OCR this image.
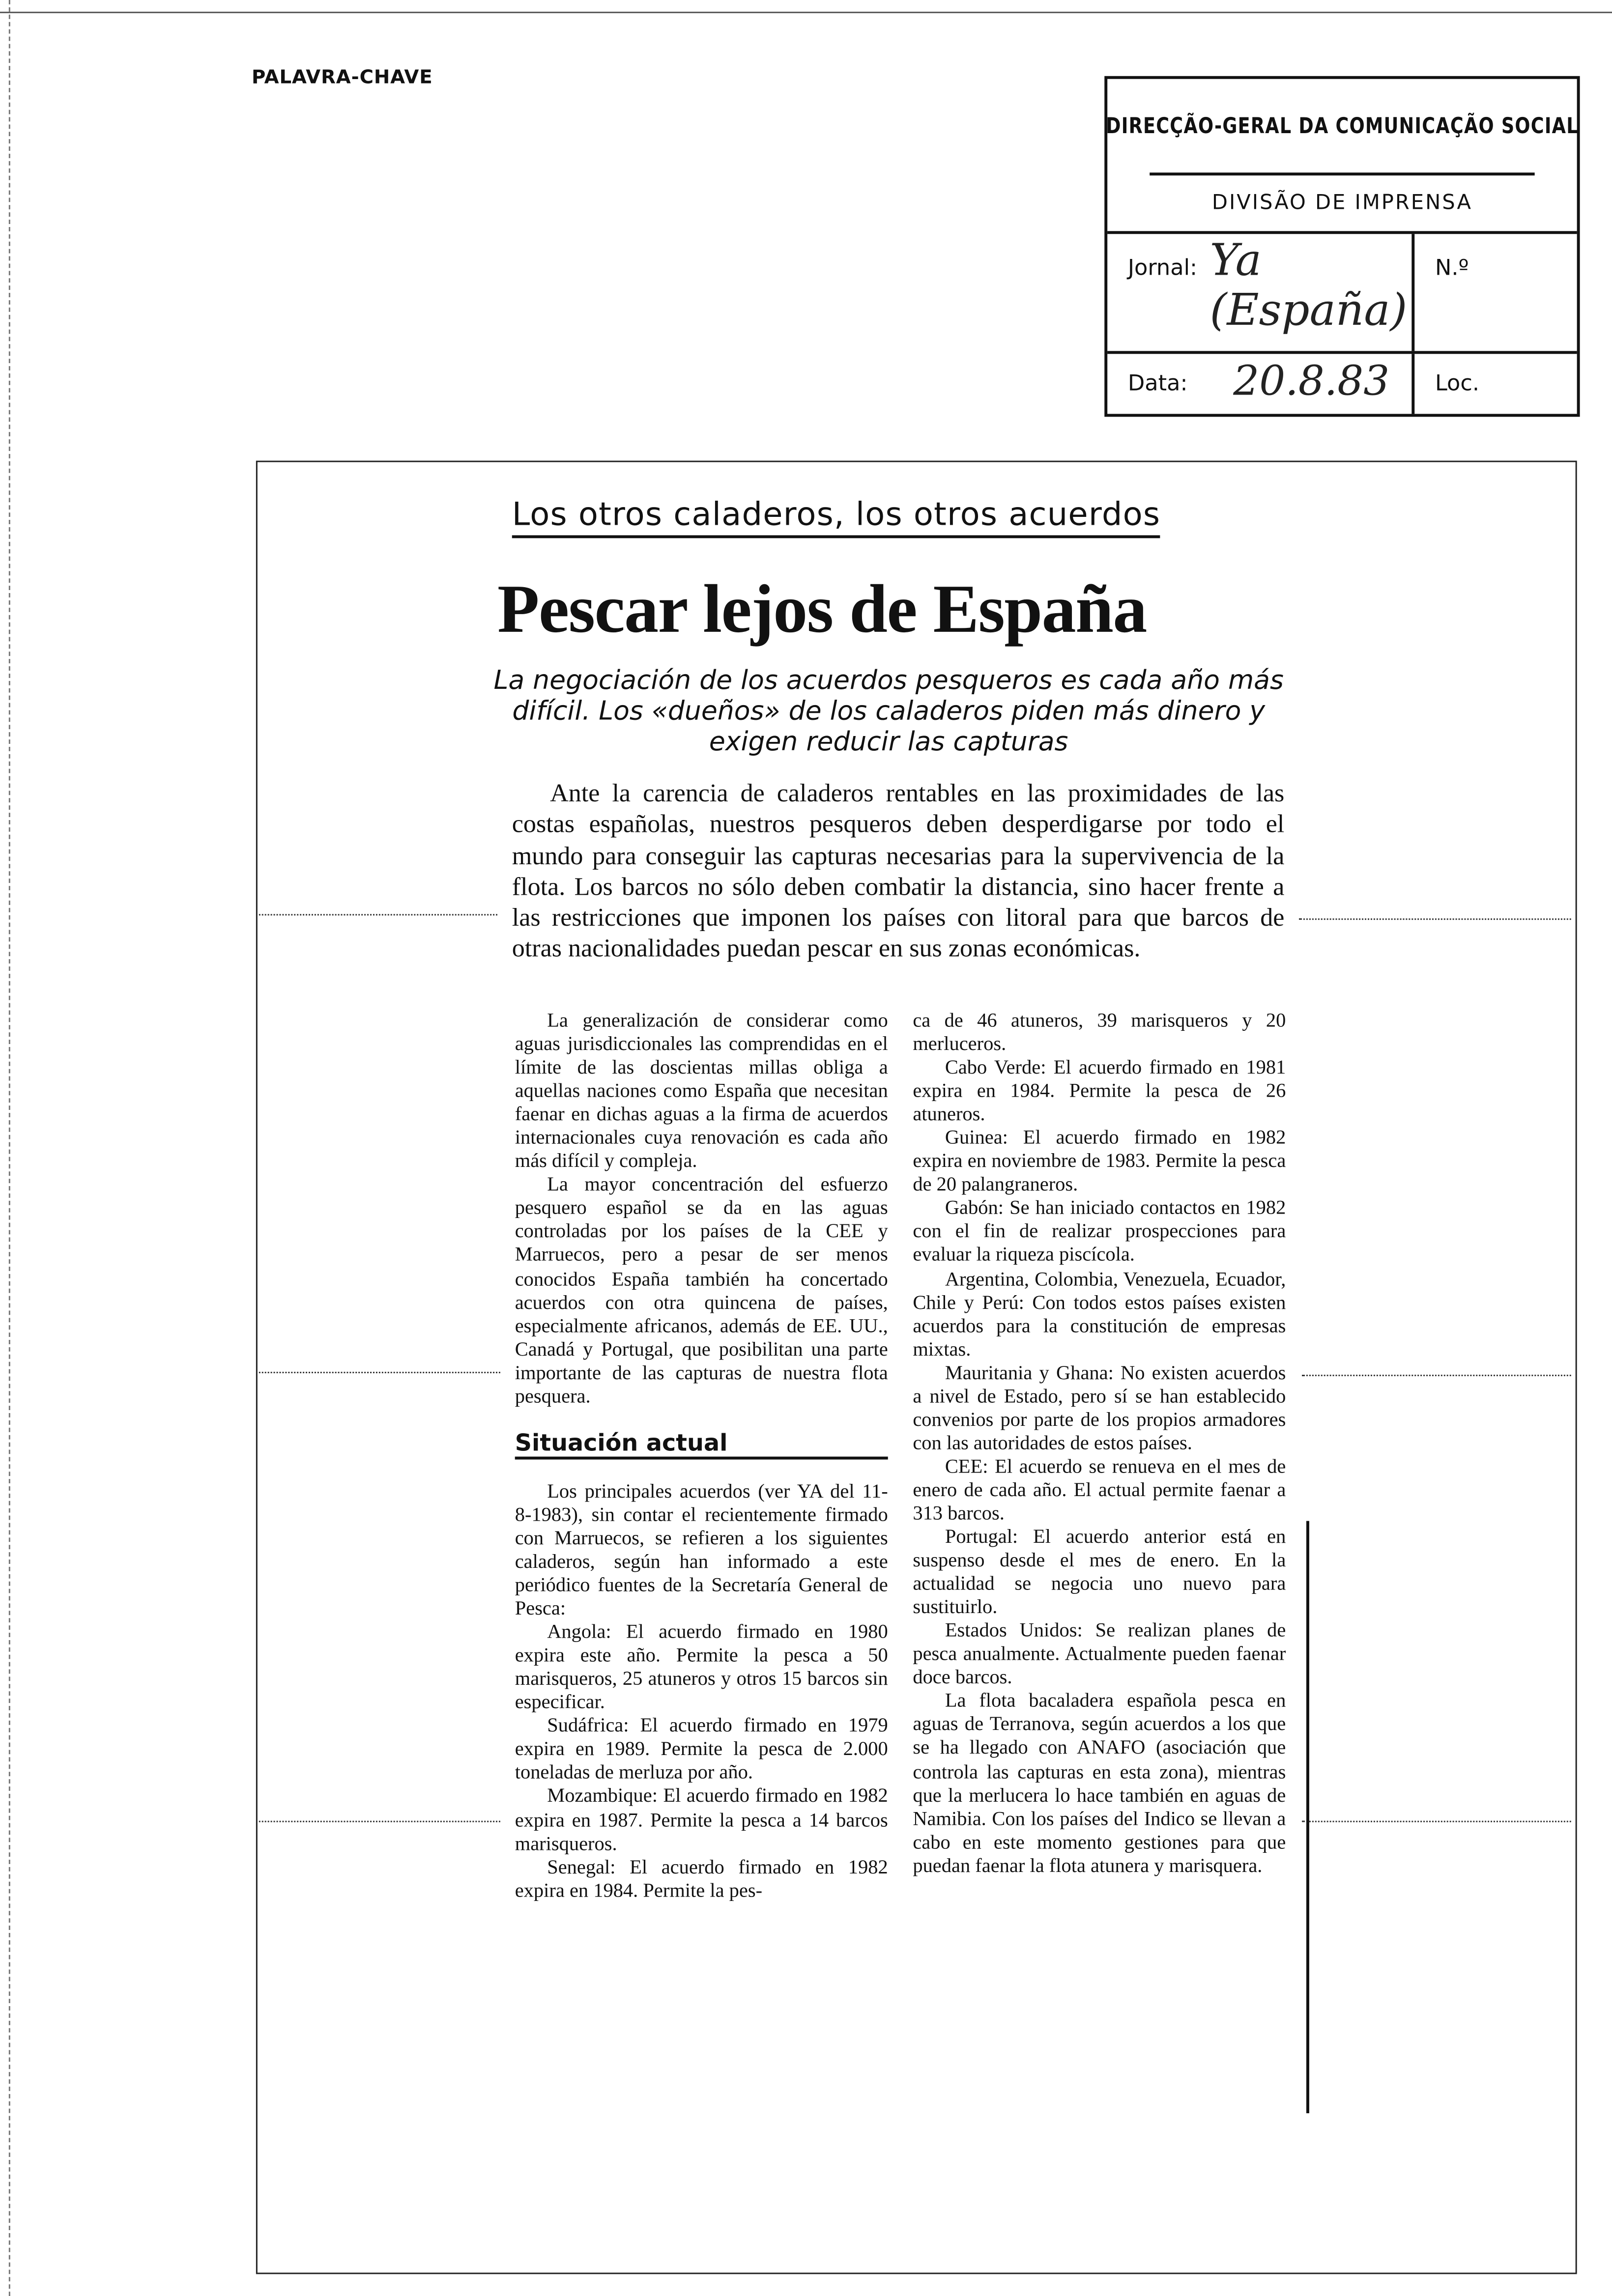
PALAVRA-CHAVE
DIRECÇÃO-GERAL DA COMUNICAÇÃO SOCIAL
DIVISÃO DE IMPRENSA
Jornal: Ya (España)
N.º
Data:	20.8.83	Loc.
Los otros caladeros, los otros acuerdos
Pescar lejos de España
La negociación de los acuerdos pesqueros es cada año más difícil. Los «dueños» de los caladeros piden más dinero y exigen reducir las capturas
Ante la carencia de caladeros rentables en las proximidades de las costas españolas, nuestros pesqueros deben desperdigarse por todo el mundo para conseguir las capturas necesarias para la supervivencia de la flota. Los barcos no sólo deben combatir la distancia, sino hacer frente a las restricciones que imponen los países con litoral para que barcos de otras nacionalidades puedan pescar en sus zonas económicas.

La generalización de considerar como aguas jurisdiccionales las comprendidas en el límite de las doscientas millas obliga a aquellas naciones como España que necesitan faenar en dichas aguas a la firma de acuerdos internacionales cuya renovación es cada año más difícil y compleja.

La mayor concentración del esfuerzo pesquero español se da en las aguas controladas por los países de la CEE y Marruecos, pero a pesar de ser menos conocidos España también ha concertado acuerdos con otra quincena de países, especialmente africanos, además de EE. UU., Canadá y Portugal, que posibilitan una parte importante de las capturas de nuestra flota pesquera.

Situación actual

Los principales acuerdos (ver YA del 11-8-1983), sin contar el recientemente firmado con Marruecos, se refieren a los siguientes caladeros, según han informado a este periódico fuentes de la Secretaría General de Pesca:

Angola: El acuerdo firmado en 1980 expira este año. Permite la pesca a 50 marisqueros, 25 atuneros y otros 15 barcos sin especificar.

Sudáfrica: El acuerdo firmado en 1979 expira en 1989. Permite la pesca de 2.000 toneladas de merluza por año.

Mozambique: El acuerdo firmado en 1982 expira en 1987. Permite la pesca a 14 barcos marisqueros.

Senegal: El acuerdo firmado en 1982 expira en 1984. Permite la pes-

ca de 46 atuneros, 39 marisqueros y 20 merluceros.

Cabo Verde: El acuerdo firmado en 1981 expira en 1984. Permite la pesca de 26 atuneros.

Guinea: El acuerdo firmado en 1982 expira en noviembre de 1983. Permite la pesca de 20 palangraneros.

Gabón: Se han iniciado contactos en 1982 con el fin de realizar prospecciones para evaluar la riqueza piscícola.

Argentina, Colombia, Venezuela, Ecuador, Chile y Perú: Con todos estos países existen acuerdos para la constitución de empresas mixtas.

Mauritania y Ghana: No existen acuerdos a nivel de Estado, pero sí se han establecido convenios por parte de los propios armadores con las autoridades de estos países.

CEE: El acuerdo se renueva en el mes de enero de cada año. El actual permite faenar a 313 barcos.

Portugal: El acuerdo anterior está en suspenso desde el mes de enero. En la actualidad se negocia uno nuevo para sustituirlo.

Estados Unidos: Se realizan planes de pesca anualmente. Actualmente pueden faenar doce barcos.

La flota bacaladera española pesca en aguas de Terranova, según acuerdos a los que se ha llegado con ANAFO (asociación que controla las capturas en esta zona), mientras que la merlucera lo hace también en aguas de Namibia. Con los países del Indico se llevan a cabo en este momento gestiones para que puedan faenar la flota atunera y marisquera.
